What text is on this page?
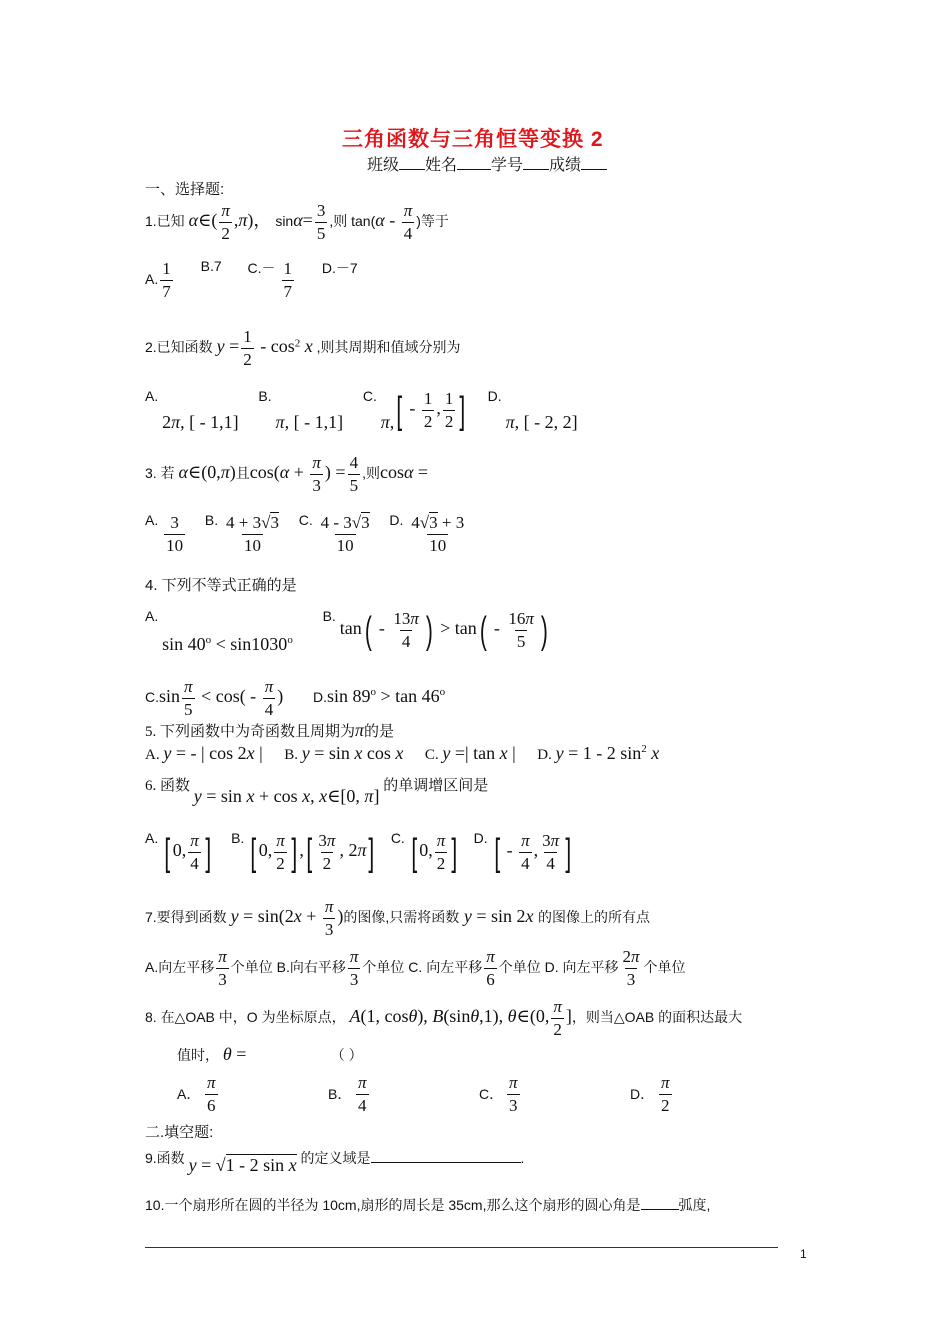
三角函数与三角恒等变换 2
班级 姓名 学号 成绩
一、选择题:
1.已知 α∈( $\frac{\pi}{2} ,\pi$)， $\sin\alpha= \frac{3}{5}$ ,则 $\tan(\alpha - \frac{\pi}{4}$ )等于
A. $\frac{1}{7} B.7$ $C.- \frac{1}{7} D.-7$
2.已知函数 $y = \frac{1}{2} - \cos^2 x$ ,则其周期和值域分别为
A. 2π, [ - 1,1]  B. π, [ - 1,1]  C. $\pi,[ - \frac{1}{2}$ , $\frac{1}{2}$ ] D. π, [ - 2, 2]
3. 若 α∈(0,π)且$\cos(\alpha + \frac{\pi}{3}$ ) = $\frac{4}{5}$ ,则cosα =
A. $\frac{3}{10} B$. $\frac{4 + 3√3}{10} C$. $\frac{4 - 3√3}{10} D$. $\frac{4√3 + 3}{10}$
4. 下列不等式正确的是
A. $\sin 40^o < \sin 1030^o$  B. $\tan( - \frac{13\pi}{4}$ ) > $\tan( - \frac{16\pi}{5}$ )
$C.\sin \frac{\pi}{5} < \cos( - \frac{\pi}{4}$ ) D.sin $89^o > \tan 46^o$
5. 下列函数中为奇函数且周期为π的是
A. y = - | cos 2x | B. y = sin x cos x C. y =| tan x | D. y = 1 - 2 $\sin^2 x$
6. 函数 y = sin x + cos x, x∈[0, π] 的单调增区间是
A. [ 0, $\frac{\pi}{4}$ ] B. [ 0, $\frac{\pi}{2}$ ] ,[ $\frac{3\pi}{2}$ , 2π] C. [ 0, $\frac{\pi}{2}$ ] D. [ - $\frac{\pi}{4}$ , $\frac{3\pi}{4}$ ]
7.要得到函数 $y = \sin(2x + \frac{\pi}{3}$ )的图像,只需将函数 y = sin 2x 的图像上的所有点
A.向左平移 $\frac{\pi}{3}$ 个单位 B.向右平移 $\frac{\pi}{3}$ 个单位 C. 向左平移 $\frac{\pi}{6}$ 个单位 D. 向左平移 $\frac{2\pi}{3}$ 个单位
8. 在△OAB 中，O 为坐标原点， A(1, cosθ), B(sinθ,1), θ∈(0, $\frac{\pi}{2}$ ]，则当△OAB 的面积达最大
值时， θ =	（ ）
A． $\frac{\pi}{6}$	B． $\frac{\pi}{4}$	C． $\frac{\pi}{3}$	D． $\frac{\pi}{2}$
二.填空题:
9.函数 y = √1 - 2 sin x 的定义域是	.
10.一个扇形所在圆的半径为 10cm,扇形的周长是 35cm,那么这个扇形的圆心角是	弧度,
1
